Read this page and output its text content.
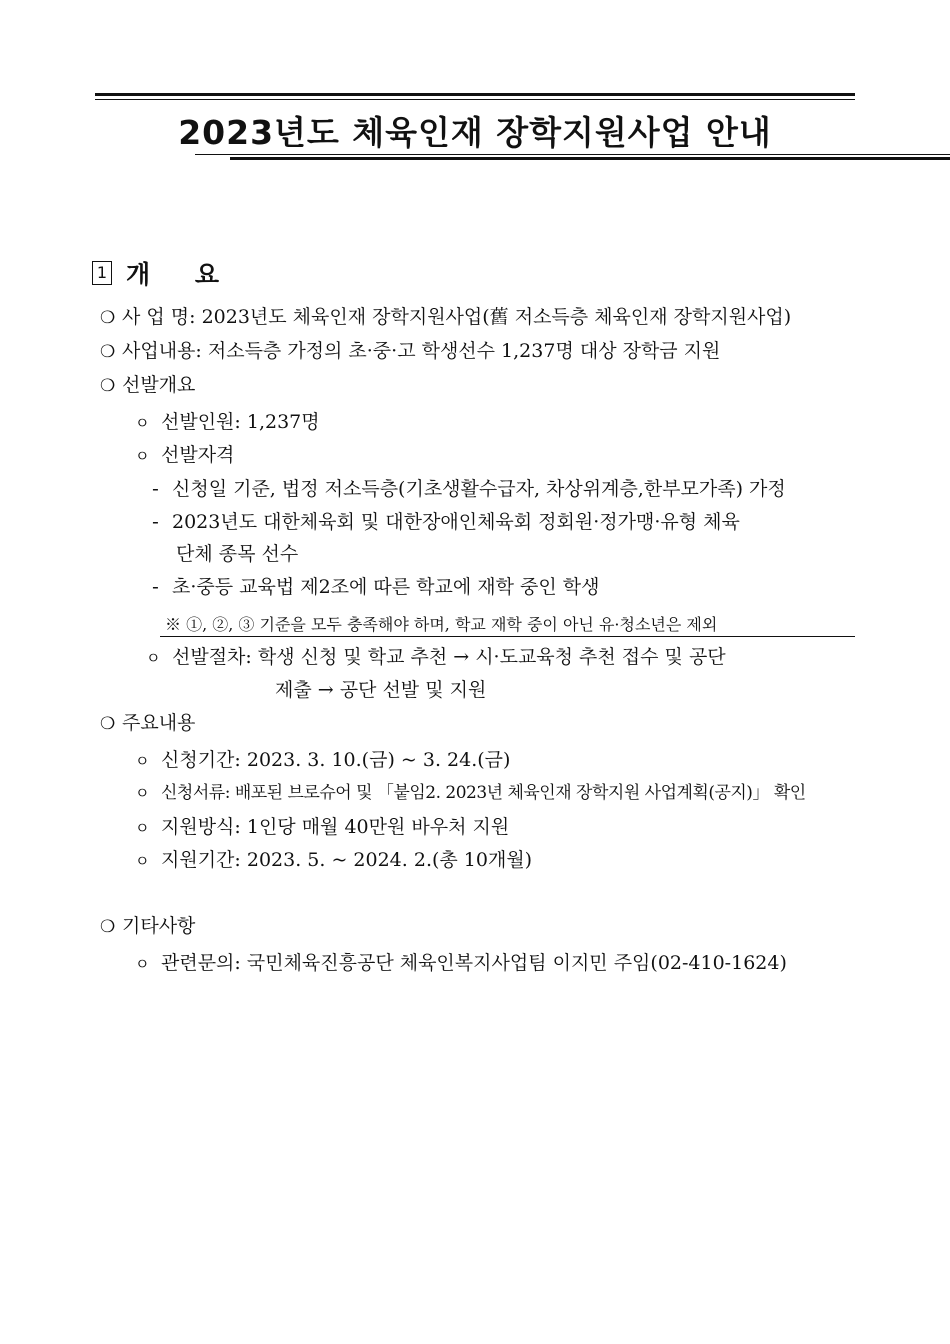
2023년도 체육인재 장학지원사업 안내
1 개 요
❍ 사 업 명: 2023년도 체육인재 장학지원사업(舊 저소득층 체육인재 장학지원사업)
❍ 사업내용: 저소득층 가정의 초·중·고 학생선수 1,237명 대상 장학금 지원
❍ 선발개요
ㅇ 선발인원: 1,237명
ㅇ 선발자격
- 신청일 기준, 법정 저소득층(기초생활수급자, 차상위계층,한부모가족) 가정
- 2023년도 대한체육회 및 대한장애인체육회 정회원·정가맹·유형 체육
단체 종목 선수
- 초·중등 교육법 제2조에 따른 학교에 재학 중인 학생
※ ①, ②, ③ 기준을 모두 충족해야 하며, 학교 재학 중이 아닌 유·청소년은 제외
ㅇ 선발절차: 학생 신청 및 학교 추천 → 시·도교육청 추천 접수 및 공단
제출 → 공단 선발 및 지원
❍ 주요내용
ㅇ 신청기간: 2023. 3. 10.(금) ~ 3. 24.(금)
ㅇ 신청서류: 배포된 브로슈어 및 「붙임2. 2023년 체육인재 장학지원 사업계획(공지)」 확인
ㅇ 지원방식: 1인당 매월 40만원 바우처 지원
ㅇ 지원기간: 2023. 5. ~ 2024. 2.(총 10개월)
❍ 기타사항
ㅇ 관련문의: 국민체육진흥공단 체육인복지사업팀 이지민 주임(02-410-1624)
